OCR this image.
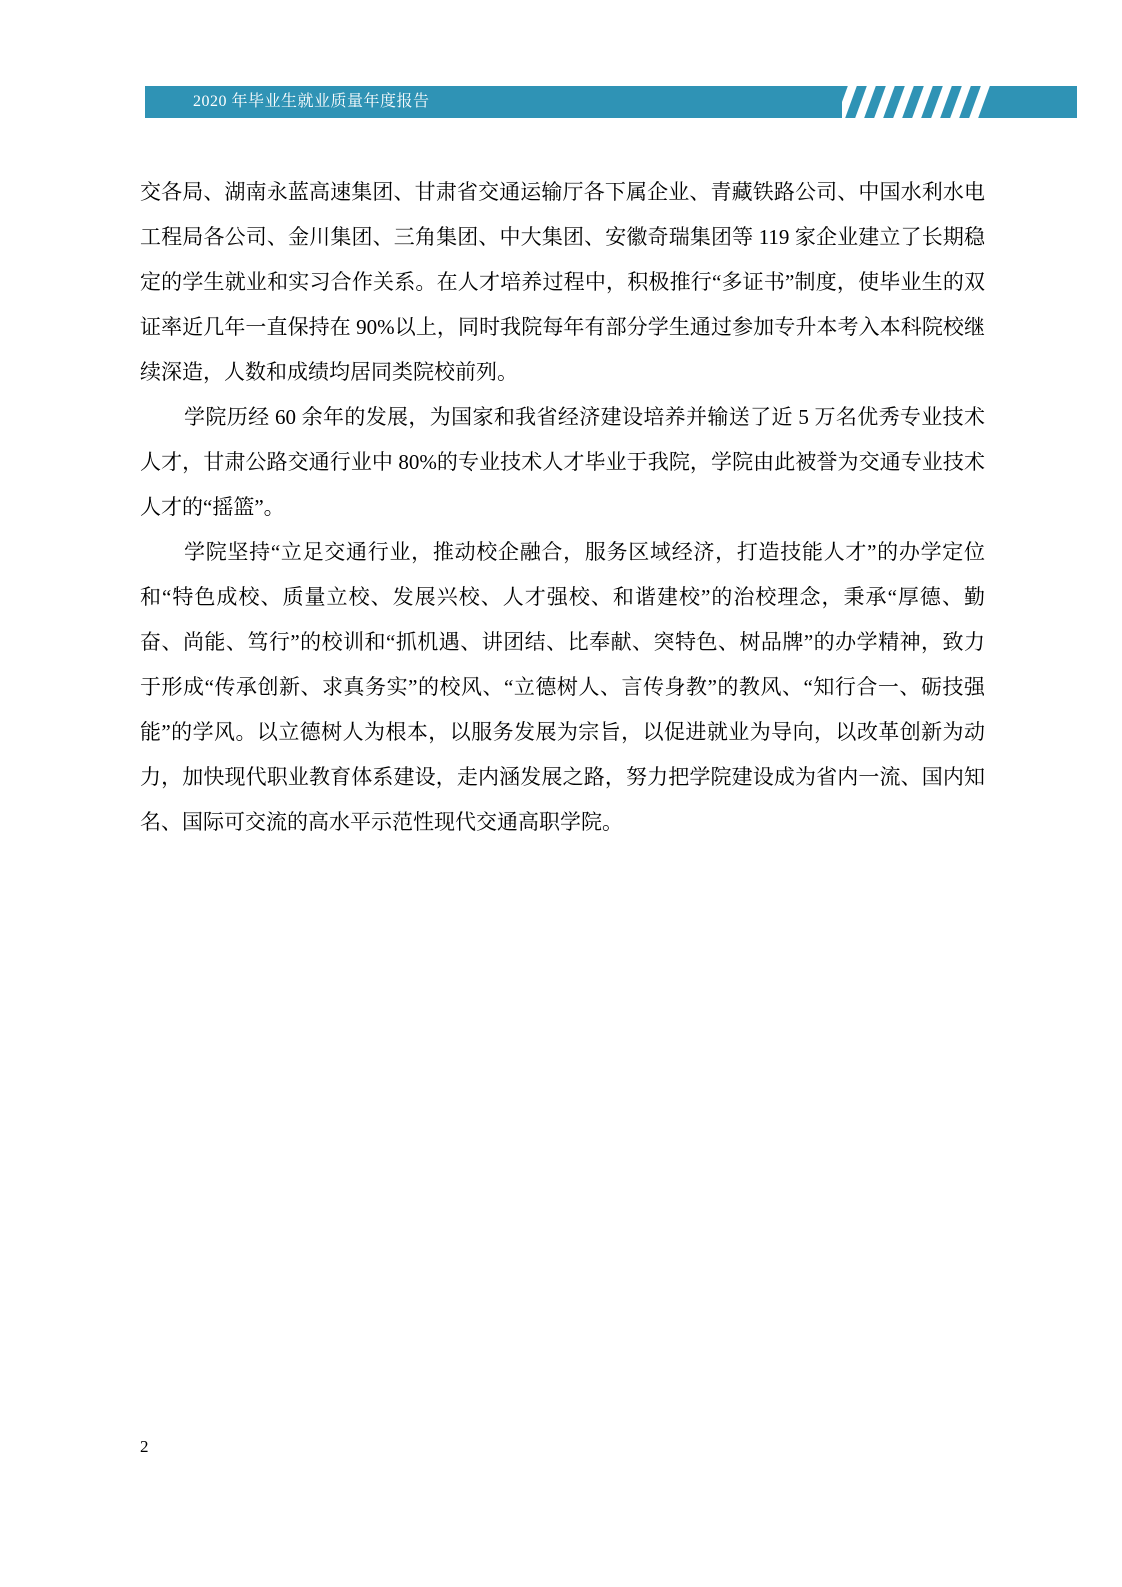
2020 年毕业生就业质量年度报告

交各局、湖南永蓝高速集团、甘肃省交通运输厅各下属企业、青藏铁路公司、中国水利水电工程局各公司、金川集团、三角集团、中大集团、安徽奇瑞集团等 119 家企业建立了长期稳定的学生就业和实习合作关系。在人才培养过程中，积极推行“多证书”制度，使毕业生的双证率近几年一直保持在 90%以上，同时我院每年有部分学生通过参加专升本考入本科院校继续深造，人数和成绩均居同类院校前列。

学院历经 60 余年的发展，为国家和我省经济建设培养并输送了近 5 万名优秀专业技术人才，甘肃公路交通行业中 80%的专业技术人才毕业于我院，学院由此被誉为交通专业技术人才的“摇篮”。

学院坚持“立足交通行业，推动校企融合，服务区域经济，打造技能人才”的办学定位和“特色成校、质量立校、发展兴校、人才强校、和谐建校”的治校理念，秉承“厚德、勤奋、尚能、笃行”的校训和“抓机遇、讲团结、比奉献、突特色、树品牌”的办学精神，致力于形成“传承创新、求真务实”的校风、“立德树人、言传身教”的教风、“知行合一、砺技强能”的学风。以立德树人为根本，以服务发展为宗旨，以促进就业为导向，以改革创新为动力，加快现代职业教育体系建设，走内涵发展之路，努力把学院建设成为省内一流、国内知名、国际可交流的高水平示范性现代交通高职学院。

2
